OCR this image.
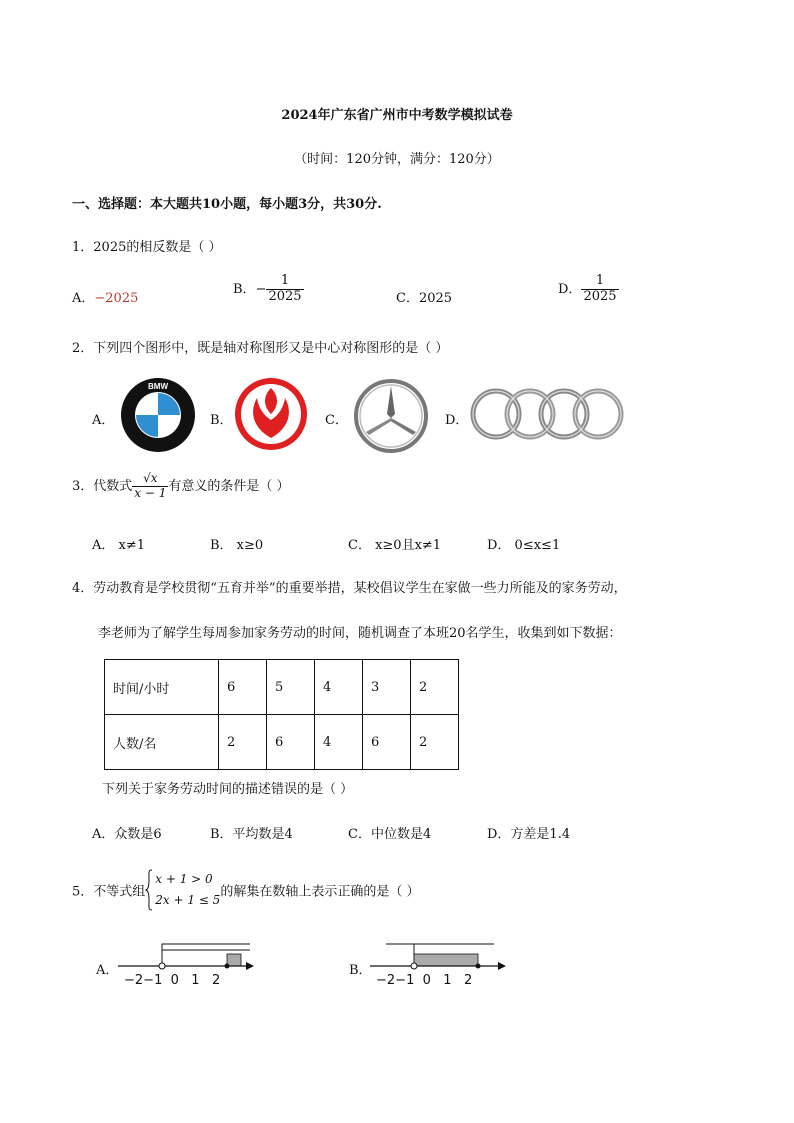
2024年广东省广州市中考数学模拟试卷
（时间：120分钟，满分：120分）
一、选择题：本大题共10小题，每小题3分，共30分.
1．2025的相反数是（ ）
A．−2025
B．− $\frac{1}{2025}$	C．2025
D． $\frac{1}{2025}$
2．下列四个图形中，既是轴对称图形又是中心对称图形的是（ ）
A．
BMW
B．	C．	D．
3．代数式 $\frac{√x}{x - 1}$ 有意义的条件是（ ）
A． x≠1	B． x≥0	C． x≥0且x≠1	D． 0≤x≤1
4．劳动教育是学校贯彻“五育并举”的重要举措，某校倡议学生在家做一些力所能及的家务劳动，
李老师为了解学生每周参加家务劳动的时间，随机调查了本班20名学生，收集到如下数据：
时间/小时	6	5	4	3	2
人数/名	2	6	4	6	2
下列关于家务劳动时间的描述错误的是（ ）
A．众数是6	B．平均数是4	C．中位数是4	D．方差是1.4
5．不等式组
x + 1 > 0
2x + 1 ≤ 5
的解集在数轴上表示正确的是（ ）
A．
−2−1 0 1 2
B．
−2−1 0 1 2
